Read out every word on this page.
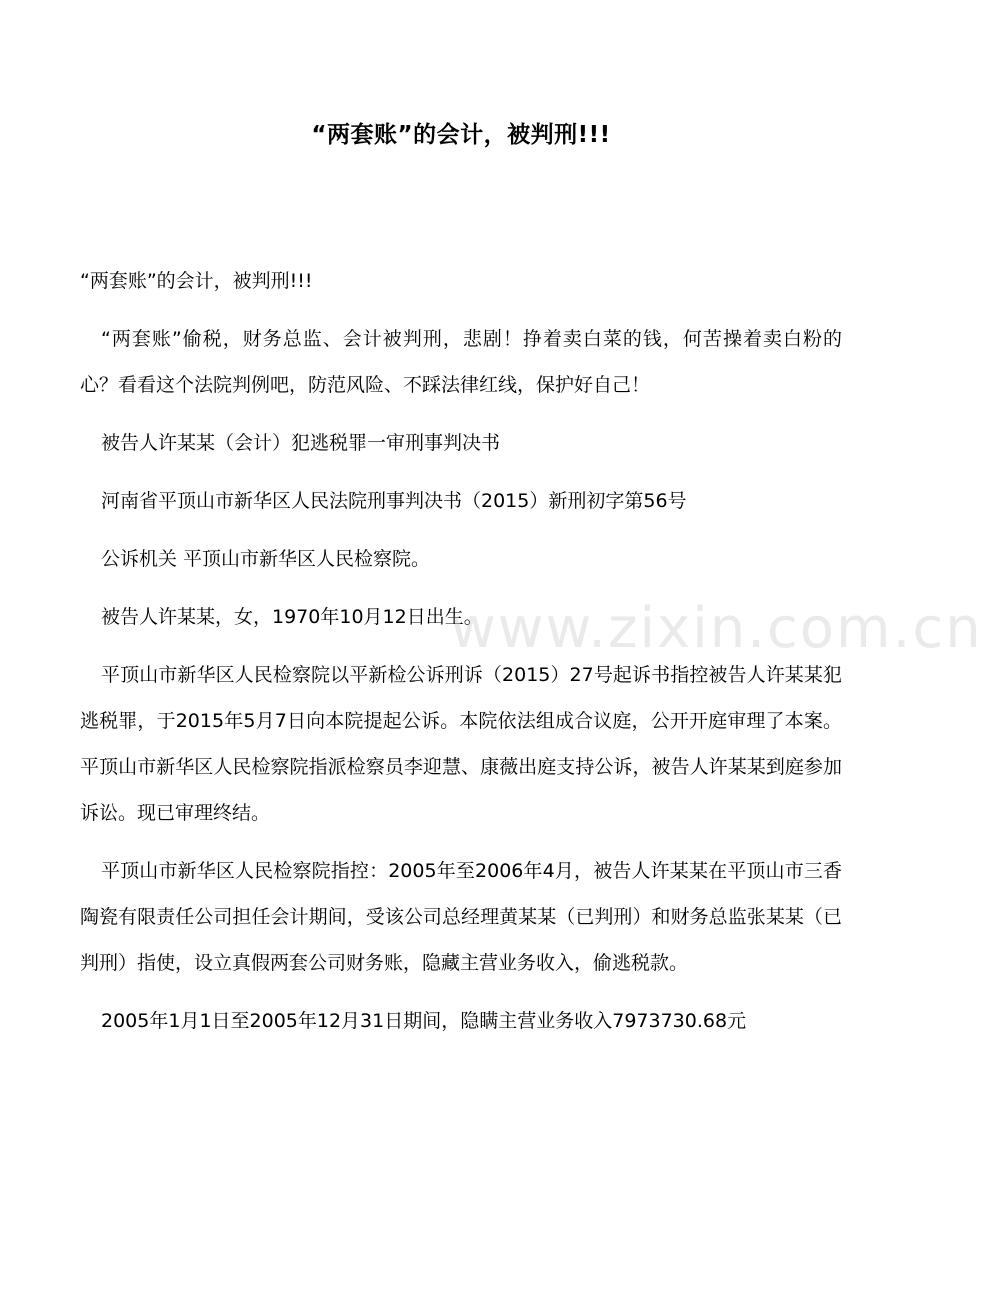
“两套账”的会计，被判刑!!!

“两套账”的会计，被判刑!!!

“两套账”偷税，财务总监、会计被判刑，悲剧！挣着卖白菜的钱，何苦操着卖白粉的心？看看这个法院判例吧，防范风险、不踩法律红线，保护好自己！

被告人许某某（会计）犯逃税罪一审刑事判决书

河南省平顶山市新华区人民法院刑事判决书（2015）新刑初字第56号

公诉机关 平顶山市新华区人民检察院。

被告人许某某，女，1970年10月12日出生。

平顶山市新华区人民检察院以平新检公诉刑诉（2015）27号起诉书指控被告人许某某犯逃税罪，于2015年5月7日向本院提起公诉。本院依法组成合议庭，公开开庭审理了本案。平顶山市新华区人民检察院指派检察员李迎慧、康薇出庭支持公诉，被告人许某某到庭参加诉讼。现已审理终结。

平顶山市新华区人民检察院指控：2005年至2006年4月，被告人许某某在平顶山市三香陶瓷有限责任公司担任会计期间，受该公司总经理黄某某（已判刑）和财务总监张某某（已判刑）指使，设立真假两套公司财务账，隐藏主营业务收入，偷逃税款。

2005年1月1日至2005年12月31日期间，隐瞒主营业务收入7973730.68元

www.zixin.com.cn
